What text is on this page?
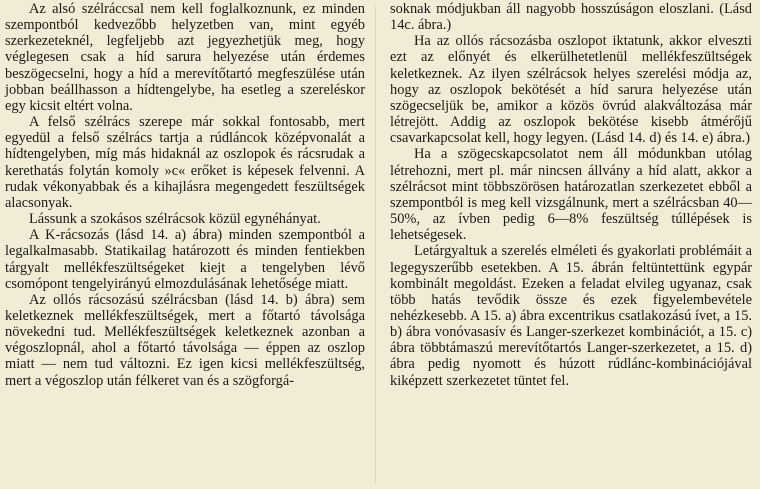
Az alsó szélráccsal nem kell foglalkoznunk, ez minden szempontból kedvezőbb helyzetben van, mint egyéb szerkezeteknél, legfeljebb azt jegyezhetjük meg, hogy véglegesen csak a híd sarura helyezése után érdemes beszögecselni, hogy a híd a merevítőtartó megfeszülése után jobban beállhasson a hídtengelybe, ha esetleg a szereléskor egy kicsit eltért volna.

A felső szélrács szerepe már sokkal fontosabb, mert egyedül a felső szélrács tartja a rúdláncok középvonalát a hídtengelyben, míg más hidaknál az oszlopok és rácsrudak a kerethatás folytán komoly »c« erőket is képesek felvenni. A rudak vékonyabbak és a kihajlásra megengedett feszültségek alacsonyak.

Lássunk a szokásos szélrácsok közül egynéhányat.

A K-rácsozás (lásd 14. a) ábra) minden szempontból a legalkalmasabb. Statikailag határozott és minden fentiekben tárgyalt mellékfeszültségeket kiejt a tengelyben lévő csomópont tengelyirányú elmozdulásának lehetősége miatt.

Az ollós rácsozású szélrácsban (lásd 14. b) ábra) sem keletkeznek mellékfeszültségek, mert a főtartó távolsága növekedni tud. Mellékfeszültségek keletkeznek azonban a végoszlopnál, ahol a főtartó távolsága — éppen az oszlop miatt — nem tud változni. Ez igen kicsi mellékfeszültség, mert a végoszlop után félkeret van és a szögforgá-

soknak módjukban áll nagyobb hosszúságon eloszlani. (Lásd 14c. ábra.)

Ha az ollós rácsozásba oszlopot iktatunk, akkor elveszti ezt az előnyét és elkerülhetetlenül mellékfeszültségek keletkeznek. Az ilyen szélrácsok helyes szerelési módja az, hogy az oszlopok bekötését a híd sarura helyezése után szögecseljük be, amikor a közös övrúd alakváltozása már létrejött. Addig az oszlopok bekötése kisebb átmérőjű csavarkapcsolat kell, hogy legyen. (Lásd 14. d) és 14. e) ábra.)

Ha a szögecskapcsolatot nem áll módunkban utólag létrehozni, mert pl. már nincsen állvány a híd alatt, akkor a szélrácsot mint többszörösen határozatlan szerkezetet ebből a szempontból is meg kell vizsgálnunk, mert a szélrácsban 40—50%, az ívben pedig 6—8% feszültség túllépések is lehetségesek.

Letárgyaltuk a szerelés elméleti és gyakorlati problémáit a legegyszerűbb esetekben. A 15. ábrán feltüntettünk egypár kombinált megoldást. Ezeken a feladat elvileg ugyanaz, csak több hatás tevődik össze és ezek figyelembevétele nehézkesebb. A 15. a) ábra excentrikus csatlakozású ívet, a 15. b) ábra vonóvasasív és Langer-szerkezet kombinációt, a 15. c) ábra többtámaszú merevítőtartós Langer-szerkezetet, a 15. d) ábra pedig nyomott és húzott rúdlánc-kombinációjával kiképzett szerkezetet tüntet fel.
